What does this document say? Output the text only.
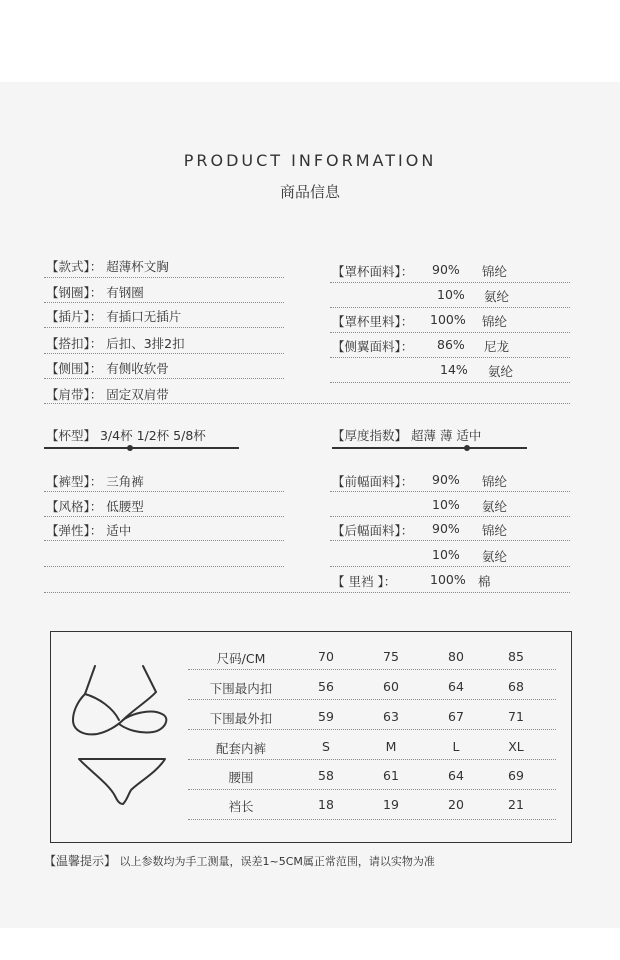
PRODUCT INFORMATION
商品信息
【款式】： 超薄杯文胸
【钢圈】： 有钢圈
【插片】： 有插口无插片
【搭扣】： 后扣、3排2扣
【侧围】： 有侧收软骨
【肩带】： 固定双肩带
【罩杯面料】： 90% 锦纶
10% 氨纶
【罩杯里料】： 100% 锦纶
【侧翼面料】： 86% 尼龙
14% 氨纶
【杯型】 3/4杯 1/2杯 5/8杯	【厚度指数】 超薄 薄 适中
【裤型】： 三角裤
【风格】： 低腰型
【弹性】： 适中
【前幅面料】： 90% 锦纶
10% 氨纶
【后幅面料】： 90% 锦纶
10% 氨纶
【 里裆 】：	100% 棉
尺码/CM	70	75	80	85
下围最内扣	56	60	64	68
下围最外扣	59	63	67	71
配套内裤	S	M	L	XL
腰围	58	61	64	69
裆长	18	19	20	21
【温馨提示】 以上参数均为手工测量，误差1~5CM属正常范围，请以实物为准
